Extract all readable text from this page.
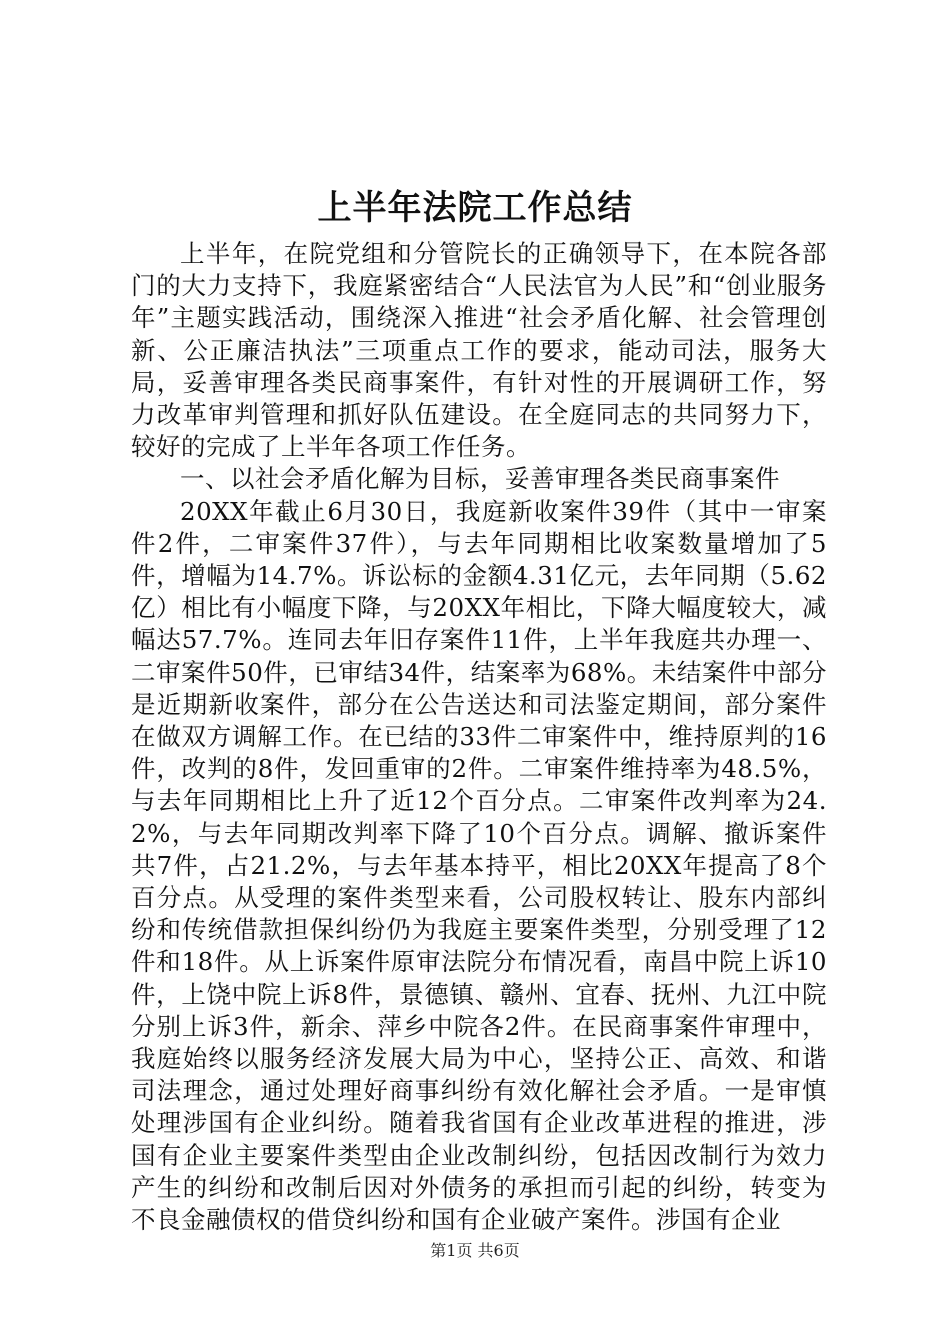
上半年法院工作总结

上半年，在院党组和分管院长的正确领导下，在本院各部门的大力支持下，我庭紧密结合“人民法官为人民”和“创业服务年”主题实践活动，围绕深入推进“社会矛盾化解、社会管理创新、公正廉洁执法”三项重点工作的要求，能动司法，服务大局，妥善审理各类民商事案件，有针对性的开展调研工作，努力改革审判管理和抓好队伍建设。在全庭同志的共同努力下，较好的完成了上半年各项工作任务。

一、以社会矛盾化解为目标，妥善审理各类民商事案件

20XX年截止6月30日，我庭新收案件39件（其中一审案件2件，二审案件37件），与去年同期相比收案数量增加了5件，增幅为14.7%。诉讼标的金额4.31亿元，去年同期（5.62亿）相比有小幅度下降，与20XX年相比，下降大幅度较大，减幅达57.7%。连同去年旧存案件11件，上半年我庭共办理一、二审案件50件，已审结34件，结案率为68%。未结案件中部分是近期新收案件，部分在公告送达和司法鉴定期间，部分案件在做双方调解工作。在已结的33件二审案件中，维持原判的16件，改判的8件，发回重审的2件。二审案件维持率为48.5%，与去年同期相比上升了近12个百分点。二审案件改判率为24.2%，与去年同期改判率下降了10个百分点。调解、撤诉案件共7件，占21.2%，与去年基本持平，相比20XX年提高了8个百分点。从受理的案件类型来看，公司股权转让、股东内部纠纷和传统借款担保纠纷仍为我庭主要案件类型，分别受理了12件和18件。从上诉案件原审法院分布情况看，南昌中院上诉10件，上饶中院上诉8件，景德镇、赣州、宜春、抚州、九江中院分别上诉3件，新余、萍乡中院各2件。在民商事案件审理中，我庭始终以服务经济发展大局为中心，坚持公正、高效、和谐司法理念，通过处理好商事纠纷有效化解社会矛盾。一是审慎处理涉国有企业纠纷。随着我省国有企业改革进程的推进，涉国有企业主要案件类型由企业改制纠纷，包括因改制行为效力产生的纠纷和改制后因对外债务的承担而引起的纠纷，转变为不良金融债权的借贷纠纷和国有企业破产案件。涉国有企业

第1页 共6页
